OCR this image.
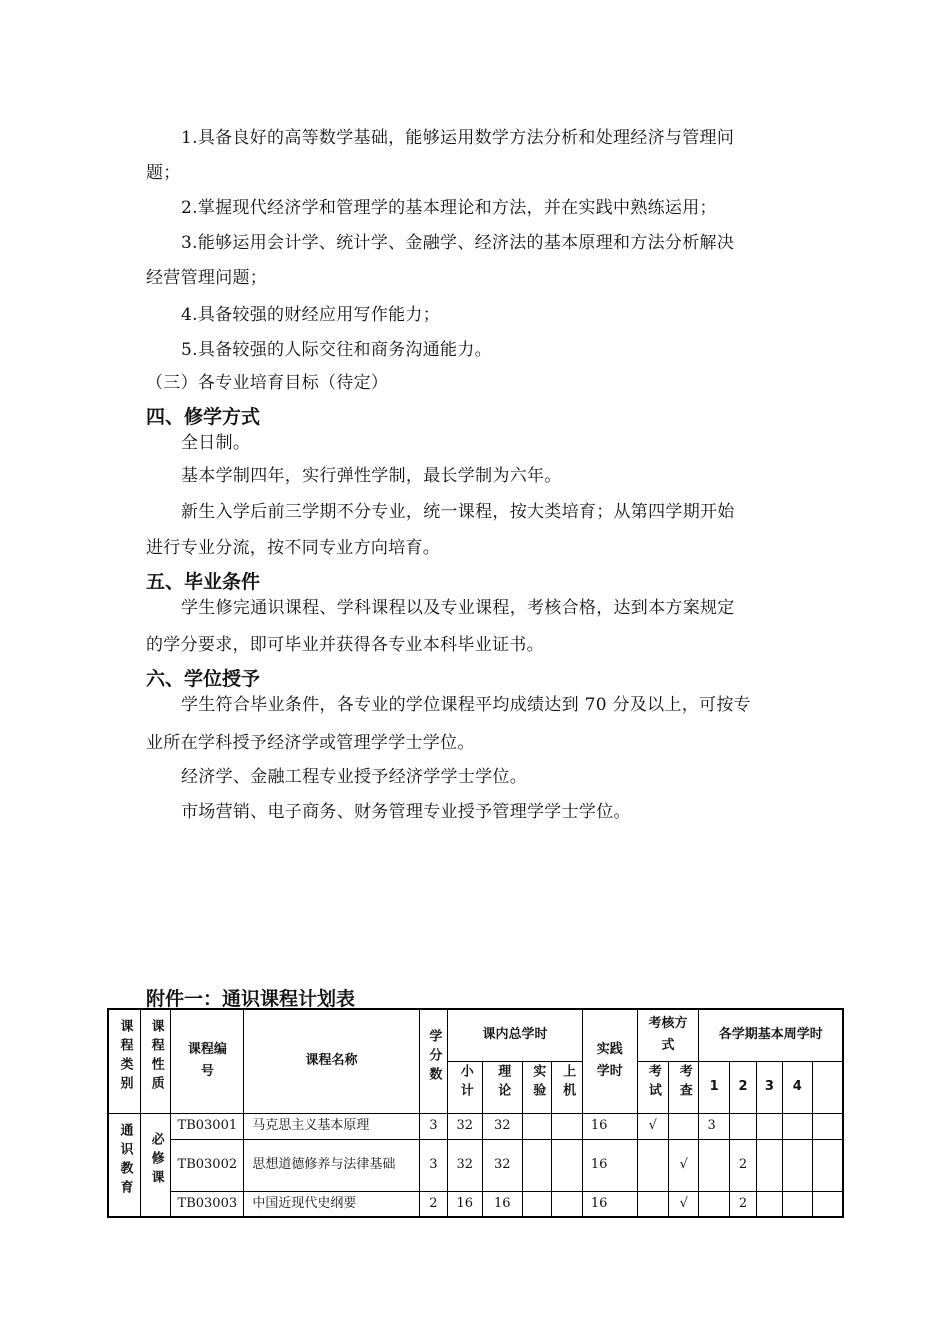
1.具备良好的高等数学基础，能够运用数学方法分析和处理经济与管理问
题；
2.掌握现代经济学和管理学的基本理论和方法，并在实践中熟练运用；
3.能够运用会计学、统计学、金融学、经济法的基本原理和方法分析解决
经营管理问题；
4.具备较强的财经应用写作能力；
5.具备较强的人际交往和商务沟通能力。
（三）各专业培育目标（待定）
四、修学方式
全日制。
基本学制四年，实行弹性学制，最长学制为六年。
新生入学后前三学期不分专业，统一课程，按大类培育；从第四学期开始
进行专业分流，按不同专业方向培育。
五、毕业条件
学生修完通识课程、学科课程以及专业课程，考核合格，达到本方案规定
的学分要求，即可毕业并获得各专业本科毕业证书。
六、学位授予
学生符合毕业条件，各专业的学位课程平均成绩达到 70 分及以上，可按专
业所在学科授予经济学或管理学学士学位。
经济学、金融工程专业授予经济学学士学位。
市场营销、电子商务、财务管理专业授予管理学学士学位。
附件一：通识课程计划表
课程类别	课程性质	课程编号	课程名称	学分数	课内总学时				实践学时	考核方式		各学期基本周学时				
					小计	理论	实验	上机		考试	考查	1	2	3	4	
通识教育	必修课	TB03001	马克思主义基本原理	3	32	32			16	√		3				
		TB03002	思想道德修养与法律基础	3	32	32			16		√		2			
		TB03003	中国近现代史纲要	2	16	16			16		√		2			
